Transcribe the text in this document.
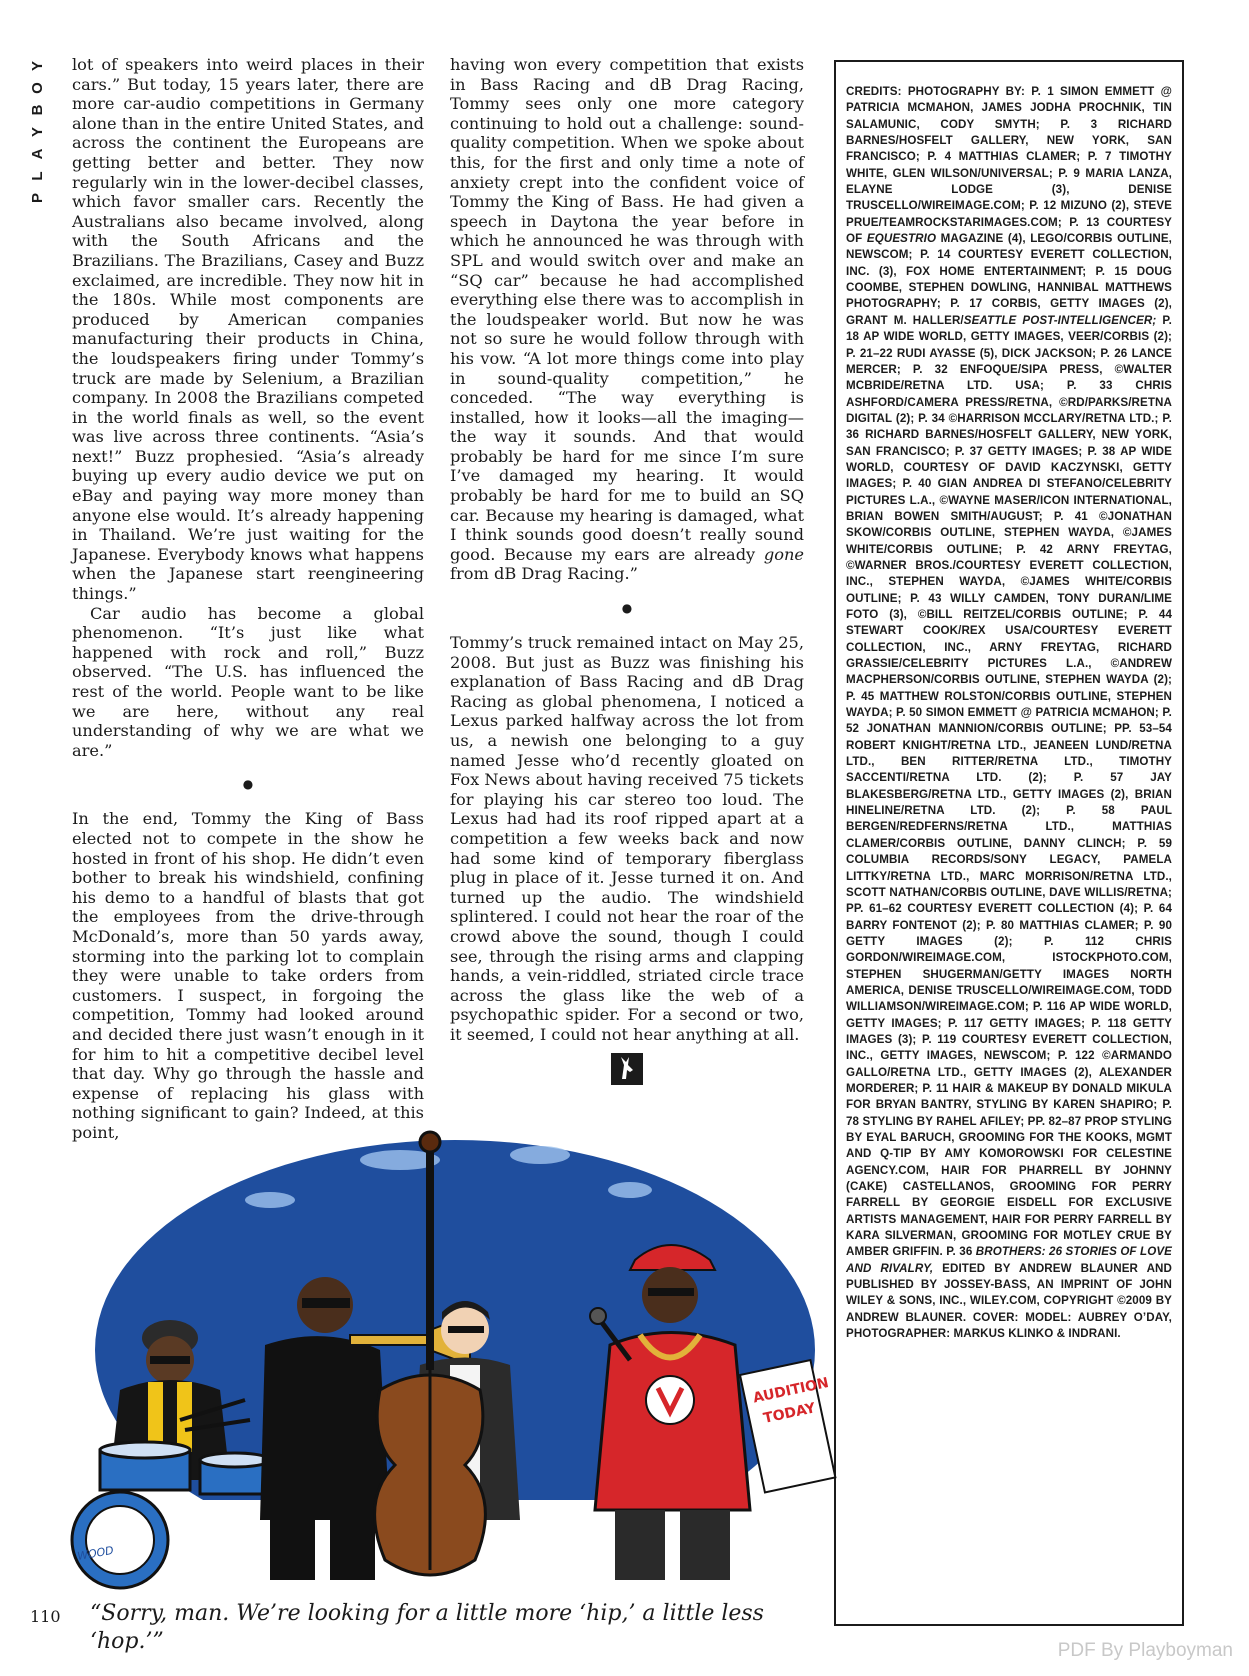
Y
O
B
Y
A
L
P

lot of speakers into weird places in their cars.” But today, 15 years later, there are more car-audio competitions in Germany alone than in the entire United States, and across the continent the Europeans are getting better and better. They now regularly win in the lower-decibel classes, which favor smaller cars. Recently the Australians also became involved, along with the South Africans and the Brazilians. The Brazilians, Casey and Buzz exclaimed, are incredible. They now hit in the 180s. While most components are produced by American companies manufacturing their products in China, the loudspeakers firing under Tommy’s truck are made by Selenium, a Brazilian company. In 2008 the Brazilians competed in the world finals as well, so the event was live across three continents. “Asia’s next!” Buzz prophesied. “Asia’s already buying up every audio device we put on eBay and paying way more money than anyone else would. It’s already happening in Thailand. We’re just waiting for the Japanese. Everybody knows what happens when the Japanese start reengineering things.”

Car audio has become a global phenomenon. “It’s just like what happened with rock and roll,” Buzz observed. “The U.S. has influenced the rest of the world. People want to be like we are here, without any real understanding of why we are what we are.”

●

In the end, Tommy the King of Bass elected not to compete in the show he hosted in front of his shop. He didn’t even bother to break his windshield, confining his demo to a handful of blasts that got the employees from the drive-through McDonald’s, more than 50 yards away, storming into the parking lot to complain they were unable to take orders from customers. I suspect, in forgoing the competition, Tommy had looked around and decided there just wasn’t enough in it for him to hit a competitive decibel level that day. Why go through the hassle and expense of replacing his glass with nothing significant to gain? Indeed, at this point,

having won every competition that exists in Bass Racing and dB Drag Racing, Tommy sees only one more category continuing to hold out a challenge: sound-quality competition. When we spoke about this, for the first and only time a note of anxiety crept into the confident voice of Tommy the King of Bass. He had given a speech in Daytona the year before in which he announced he was through with SPL and would switch over and make an “SQ car” because he had accomplished everything else there was to accomplish in the loudspeaker world. But now he was not so sure he would follow through with his vow. “A lot more things come into play in sound-quality competition,” he conceded. “The way everything is installed, how it looks—all the imaging—the way it sounds. And that would probably be hard for me since I’m sure I’ve damaged my hearing. It would probably be hard for me to build an SQ car. Because my hearing is damaged, what I think sounds good doesn’t really sound good. Because my ears are already gone from dB Drag Racing.”

●

Tommy’s truck remained intact on May 25, 2008. But just as Buzz was finishing his explanation of Bass Racing and dB Drag Racing as global phenomena, I noticed a Lexus parked halfway across the lot from us, a newish one belonging to a guy named Jesse who’d recently gloated on Fox News about having received 75 tickets for playing his car stereo too loud. The Lexus had had its roof ripped apart at a competition a few weeks back and now had some kind of temporary fiberglass plug in place of it. Jesse turned it on. And turned up the audio. The windshield splintered. I could not hear the roar of the crowd above the sound, though I could see, through the rising arms and clapping hands, a vein-riddled, striated circle trace across the glass like the web of a psychopathic spider. For a second or two, it seemed, I could not hear anything at all.

CREDITS: PHOTOGRAPHY BY: P. 1 SIMON EMMETT @ PATRICIA MCMAHON, JAMES JODHA PROCHNIK, TIN SALAMUNIC, CODY SMYTH; P. 3 RICHARD BARNES/HOSFELT GALLERY, NEW YORK, SAN FRANCISCO; P. 4 MATTHIAS CLAMER; P. 7 TIMOTHY WHITE, GLEN WILSON/UNIVERSAL; P. 9 MARIA LANZA, ELAYNE LODGE (3), DENISE TRUSCELLO/WIREIMAGE.COM; P. 12 MIZUNO (2), STEVE PRUE/TEAMROCKSTARIMAGES.COM; P. 13 COURTESY OF EQUESTRIO MAGAZINE (4), LEGO/CORBIS OUTLINE, NEWSCOM; P. 14 COURTESY EVERETT COLLECTION, INC. (3), FOX HOME ENTERTAINMENT; P. 15 DOUG COOMBE, STEPHEN DOWLING, HANNIBAL MATTHEWS PHOTOGRAPHY; P. 17 CORBIS, GETTY IMAGES (2), GRANT M. HALLER/SEATTLE POST-INTELLIGENCER; P. 18 AP WIDE WORLD, GETTY IMAGES, VEER/CORBIS (2); P. 21–22 RUDI AYASSE (5), DICK JACKSON; P. 26 LANCE MERCER; P. 32 ENFOQUE/SIPA PRESS, ©WALTER MCBRIDE/RETNA LTD. USA; P. 33 CHRIS ASHFORD/CAMERA PRESS/RETNA, ©RD/PARKS/RETNA DIGITAL (2); P. 34 ©HARRISON MCCLARY/RETNA LTD.; P. 36 RICHARD BARNES/HOSFELT GALLERY, NEW YORK, SAN FRANCISCO; P. 37 GETTY IMAGES; P. 38 AP WIDE WORLD, COURTESY OF DAVID KACZYNSKI, GETTY IMAGES; P. 40 GIAN ANDREA DI STEFANO/CELEBRITY PICTURES L.A., ©WAYNE MASER/ICON INTERNATIONAL, BRIAN BOWEN SMITH/AUGUST; P. 41 ©JONATHAN SKOW/CORBIS OUTLINE, STEPHEN WAYDA, ©JAMES WHITE/CORBIS OUTLINE; P. 42 ARNY FREYTAG, ©WARNER BROS./COURTESY EVERETT COLLECTION, INC., STEPHEN WAYDA, ©JAMES WHITE/CORBIS OUTLINE; P. 43 WILLY CAMDEN, TONY DURAN/LIME FOTO (3), ©BILL REITZEL/CORBIS OUTLINE; P. 44 STEWART COOK/REX USA/COURTESY EVERETT COLLECTION, INC., ARNY FREYTAG, RICHARD GRASSIE/CELEBRITY PICTURES L.A., ©ANDREW MACPHERSON/CORBIS OUTLINE, STEPHEN WAYDA (2); P. 45 MATTHEW ROLSTON/CORBIS OUTLINE, STEPHEN WAYDA; P. 50 SIMON EMMETT @ PATRICIA MCMAHON; P. 52 JONATHAN MANNION/CORBIS OUTLINE; PP. 53–54 ROBERT KNIGHT/RETNA LTD., JEANEEN LUND/RETNA LTD., BEN RITTER/RETNA LTD., TIMOTHY SACCENTI/RETNA LTD. (2); P. 57 JAY BLAKESBERG/RETNA LTD., GETTY IMAGES (2), BRIAN HINELINE/RETNA LTD. (2); P. 58 PAUL BERGEN/REDFERNS/RETNA LTD., MATTHIAS CLAMER/CORBIS OUTLINE, DANNY CLINCH; P. 59 COLUMBIA RECORDS/SONY LEGACY, PAMELA LITTKY/RETNA LTD., MARC MORRISON/RETNA LTD., SCOTT NATHAN/CORBIS OUTLINE, DAVE WILLIS/RETNA; PP. 61–62 COURTESY EVERETT COLLECTION (4); P. 64 BARRY FONTENOT (2); P. 80 MATTHIAS CLAMER; P. 90 GETTY IMAGES (2); P. 112 CHRIS GORDON/WIREIMAGE.COM, ISTOCKPHOTO.COM, STEPHEN SHUGERMAN/GETTY IMAGES NORTH AMERICA, DENISE TRUSCELLO/WIREIMAGE.COM, TODD WILLIAMSON/WIREIMAGE.COM; P. 116 AP WIDE WORLD, GETTY IMAGES; P. 117 GETTY IMAGES; P. 118 GETTY IMAGES (3); P. 119 COURTESY EVERETT COLLECTION, INC., GETTY IMAGES, NEWSCOM; P. 122 ©ARMANDO GALLO/RETNA LTD., GETTY IMAGES (2), ALEXANDER MORDERER; P. 11 HAIR & MAKEUP BY DONALD MIKULA FOR BRYAN BANTRY, STYLING BY KAREN SHAPIRO; P. 78 STYLING BY RAHEL AFILEY; PP. 82–87 PROP STYLING BY EYAL BARUCH, GROOMING FOR THE KOOKS, MGMT AND Q-TIP BY AMY KOMOROWSKI FOR CELESTINE AGENCY.COM, HAIR FOR PHARRELL BY JOHNNY (CAKE) CASTELLANOS, GROOMING FOR PERRY FARRELL BY GEORGIE EISDELL FOR EXCLUSIVE ARTISTS MANAGEMENT, HAIR FOR PERRY FARRELL BY KARA SILVERMAN, GROOMING FOR MOTLEY CRUE BY AMBER GRIFFIN. P. 36 BROTHERS: 26 STORIES OF LOVE AND RIVALRY, EDITED BY ANDREW BLAUNER AND PUBLISHED BY JOSSEY-BASS, AN IMPRINT OF JOHN WILEY & SONS, INC., WILEY.COM, COPYRIGHT ©2009 BY ANDREW BLAUNER. COVER: MODEL: AUBREY O’DAY, PHOTOGRAPHER: MARKUS KLINKO & INDRANI.
AUDITION
TODAY
WOOD
110 “Sorry, man. We’re looking for a little more ‘hip,’ a little less ‘hop.’”	PDF By Playboyman
